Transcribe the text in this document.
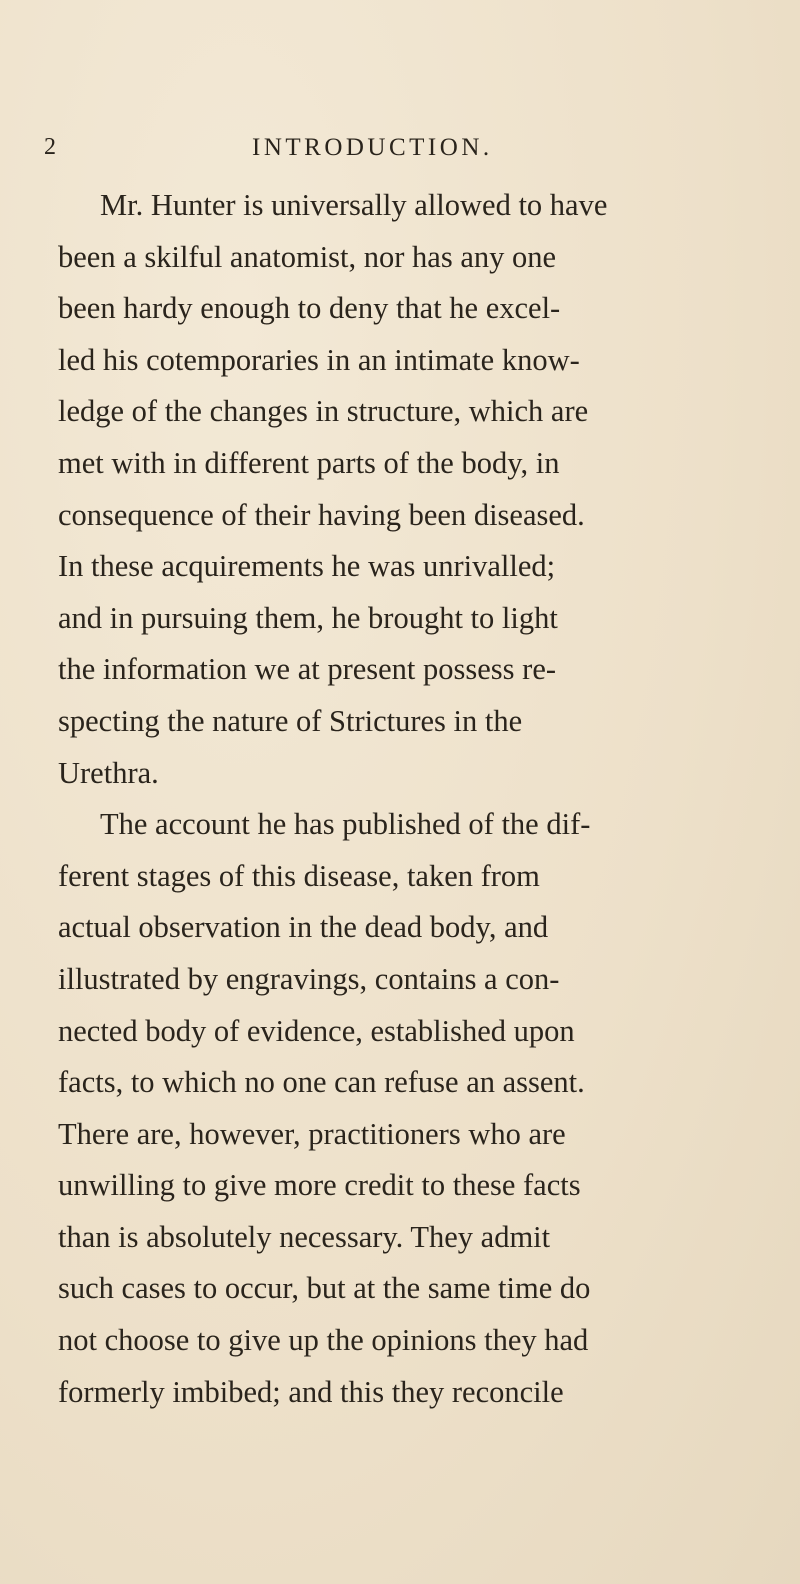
2	INTRODUCTION.
Mr. Hunter is universally allowed to have
been a skilful anatomist, nor has any one
been hardy enough to deny that he excel-
led his cotemporaries in an intimate know-
ledge of the changes in structure, which are
met with in different parts of the body, in
consequence of their having been diseased.
In these acquirements he was unrivalled;
and in pursuing them, he brought to light
the information we at present possess re-
specting the nature of Strictures in the
Urethra.
The account he has published of the dif-
ferent stages of this disease, taken from
actual observation in the dead body, and
illustrated by engravings, contains a con-
nected body of evidence, established upon
facts, to which no one can refuse an assent.
There are, however, practitioners who are
unwilling to give more credit to these facts
than is absolutely necessary. They admit
such cases to occur, but at the same time do
not choose to give up the opinions they had
formerly imbibed; and this they reconcile
